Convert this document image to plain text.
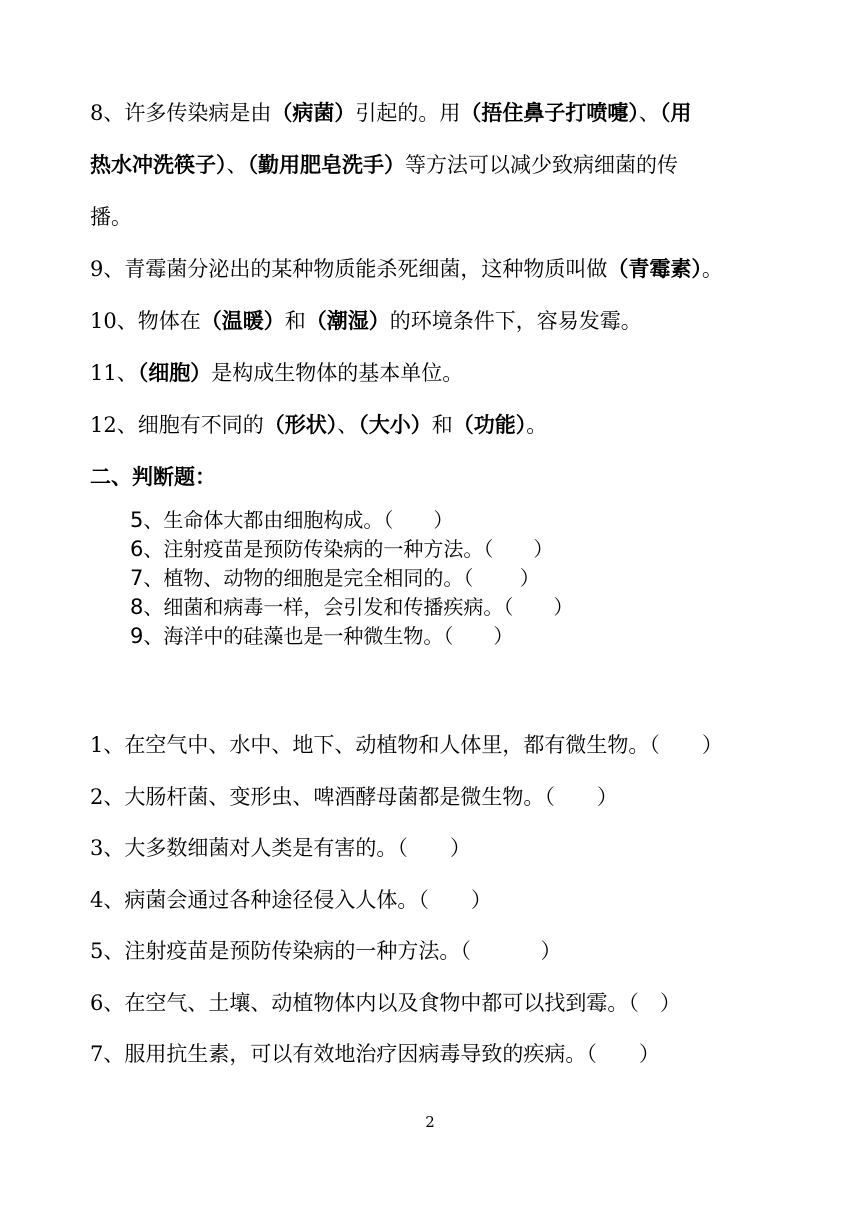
8、许多传染病是由（病菌）引起的。用（捂住鼻子打喷嚏）、（用
热水冲洗筷子）、（勤用肥皂洗手）等方法可以减少致病细菌的传
播。
9、青霉菌分泌出的某种物质能杀死细菌，这种物质叫做（青霉素）。
10、物体在（温暖）和（潮湿）的环境条件下，容易发霉。
11、（细胞）是构成生物体的基本单位。
12、细胞有不同的（形状）、（大小）和（功能）。
二、判断题：
5、生命体大都由细胞构成。（　　）
6、注射疫苗是预防传染病的一种方法。（　　）
7、植物、动物的细胞是完全相同的。（　　 ）
8、细菌和病毒一样，会引发和传播疾病。（　　）
9、海洋中的硅藻也是一种微生物。（　　）
1、在空气中、水中、地下、动植物和人体里，都有微生物。（　　）
2、大肠杆菌、变形虫、啤酒酵母菌都是微生物。（　　）
3、大多数细菌对人类是有害的。（　　）
4、病菌会通过各种途径侵入人体。（　　）
5、注射疫苗是预防传染病的一种方法。（　　　 ）
6、在空气、土壤、动植物体内以及食物中都可以找到霉。（　）
7、服用抗生素，可以有效地治疗因病毒导致的疾病。（　　）
2
